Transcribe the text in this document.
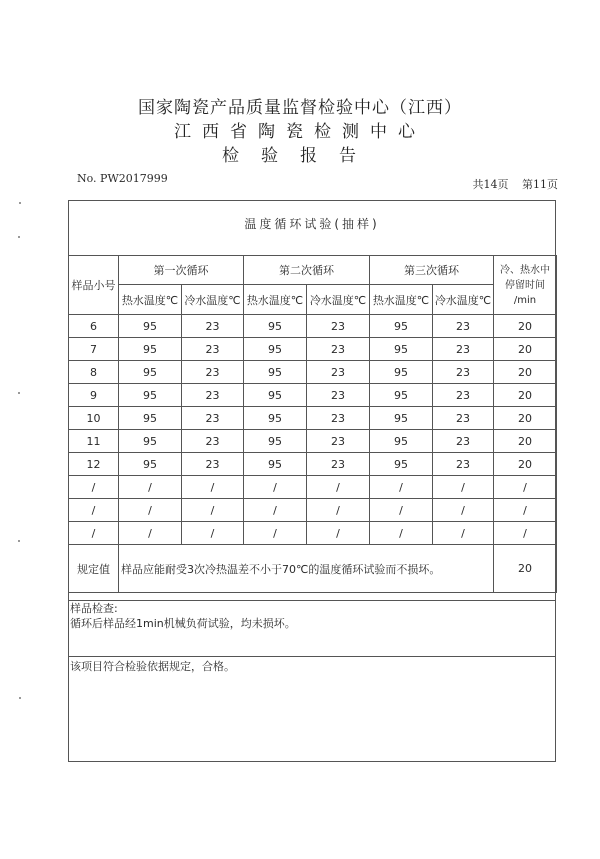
国家陶瓷产品质量监督检验中心（江西）
江西省陶瓷检测中心
检验报告
No. PW2017999	共14页 第11页
温度循环试验(抽样)
样品小号	第一次循环		第二次循环		第三次循环		冷、热水中
停留时间
/min

	热水温度℃	冷水温度℃	热水温度℃	冷水温度℃	热水温度℃	冷水温度℃	
6	95	23	95	23	95	23	20
7	95	23	95	23	95	23	20
8	95	23	95	23	95	23	20
9	95	23	95	23	95	23	20
10	95	23	95	23	95	23	20
11	95	23	95	23	95	23	20
12	95	23	95	23	95	23	20
/	/	/	/	/	/	/	/
/	/	/	/	/	/	/	/
/	/	/	/	/	/	/	/
规定值	样品应能耐受3次冷热温差不小于70℃的温度循环试验而不损坏。						20
样品检查:
循环后样品经1min机械负荷试验，均未损坏。
该项目符合检验依据规定，合格。
